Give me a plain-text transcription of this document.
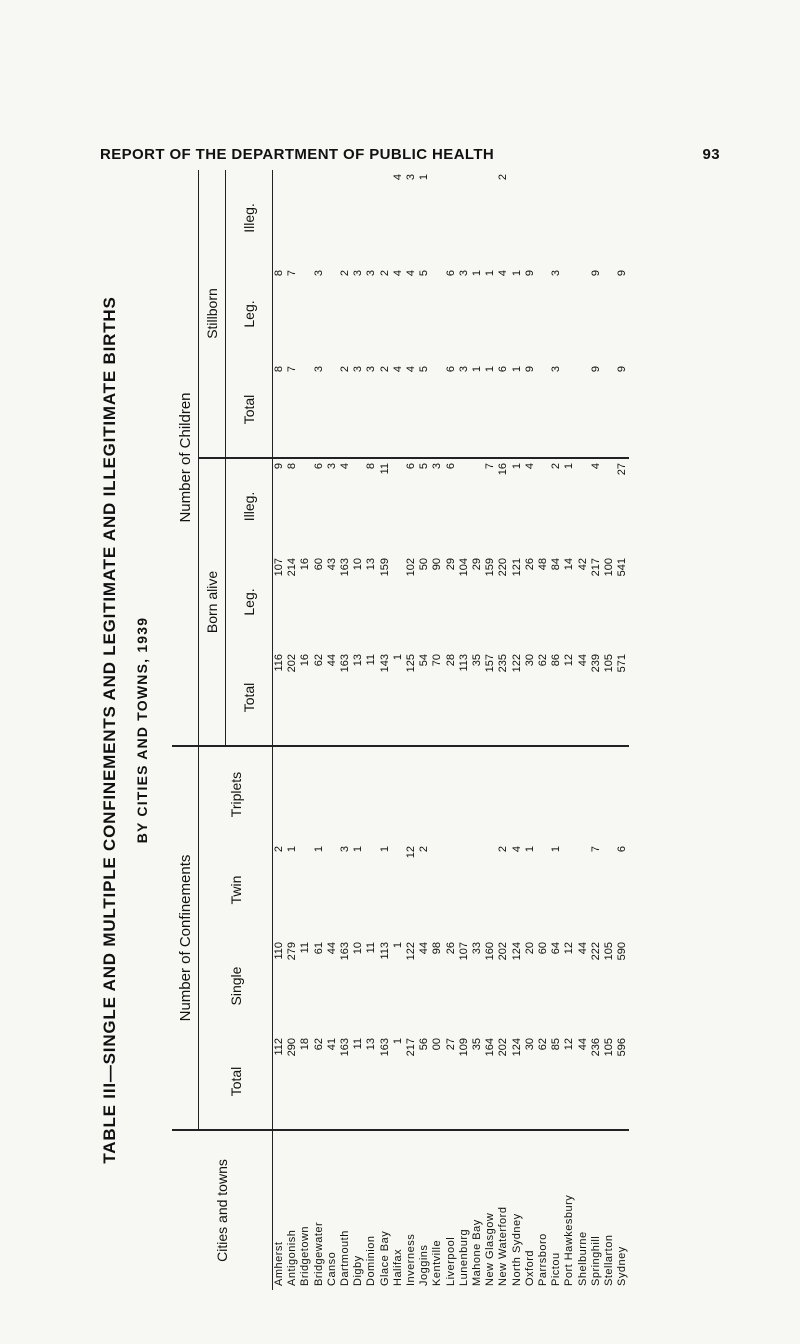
REPORT OF THE DEPARTMENT OF PUBLIC HEALTH	93
TABLE III—SINGLE AND MULTIPLE CONFINEMENTS AND LEGITIMATE AND ILLEGITIMATE BIRTHS BY CITIES AND TOWNS, 1939
Cities and towns	Number of Confinements				Number of Children					
	Total	Single	Twin	Triplets	Born alive			Stillborn		
					Total	Leg.	Illeg.	Total	Leg.	Illeg.
Amherst	112	110	2		116	107	9	8	8	
Antigonish	290	279	1		202	214	8	7	7	
Bridgetown	18	11			16	16				
Bridgewater	62	61	1		62	60	6	3	3	
Canso	41	44			44	43	3			
Dartmouth	163	163	3		163	163	4	2	2	
Digby	11	10	1		13	10		3	3	
Dominion	13	11			11	13	8	3	3	
Glace Bay	163	113	1		143	159	11	2	2	
Halifax	1	1			1			4	4	4
Inverness	217	122	12		125	102	6	4	4	3
Joggins	56	44	2		54	50	5	5	5	1
Kentville	00	98			70	90	3			
Liverpool	27	26			28	29	6	6	6	
Lunenburg	109	107			113	104		3	3	
Mahone Bay	35	33			35	29		1	1	
New Glasgow	164	160			157	159	7	1	1	
New Waterford	202	202	2		235	220	16	6	4	2
North Sydney	124	124	4		122	121	1	1	1	
Oxford	30	20	1		30	26	4	9	9	
Parrsboro	62	60			62	48				
Pictou	85	64	1		86	84	2	3	3	
Port Hawkesbury	12	12			12	14	1			
Shelburne	44	44			44	42				
Springhill	236	222	7		239	217	4	9	9	
Stellarton	105	105			105	100				
Sydney	596	590	6		571	541	27	9	9	
